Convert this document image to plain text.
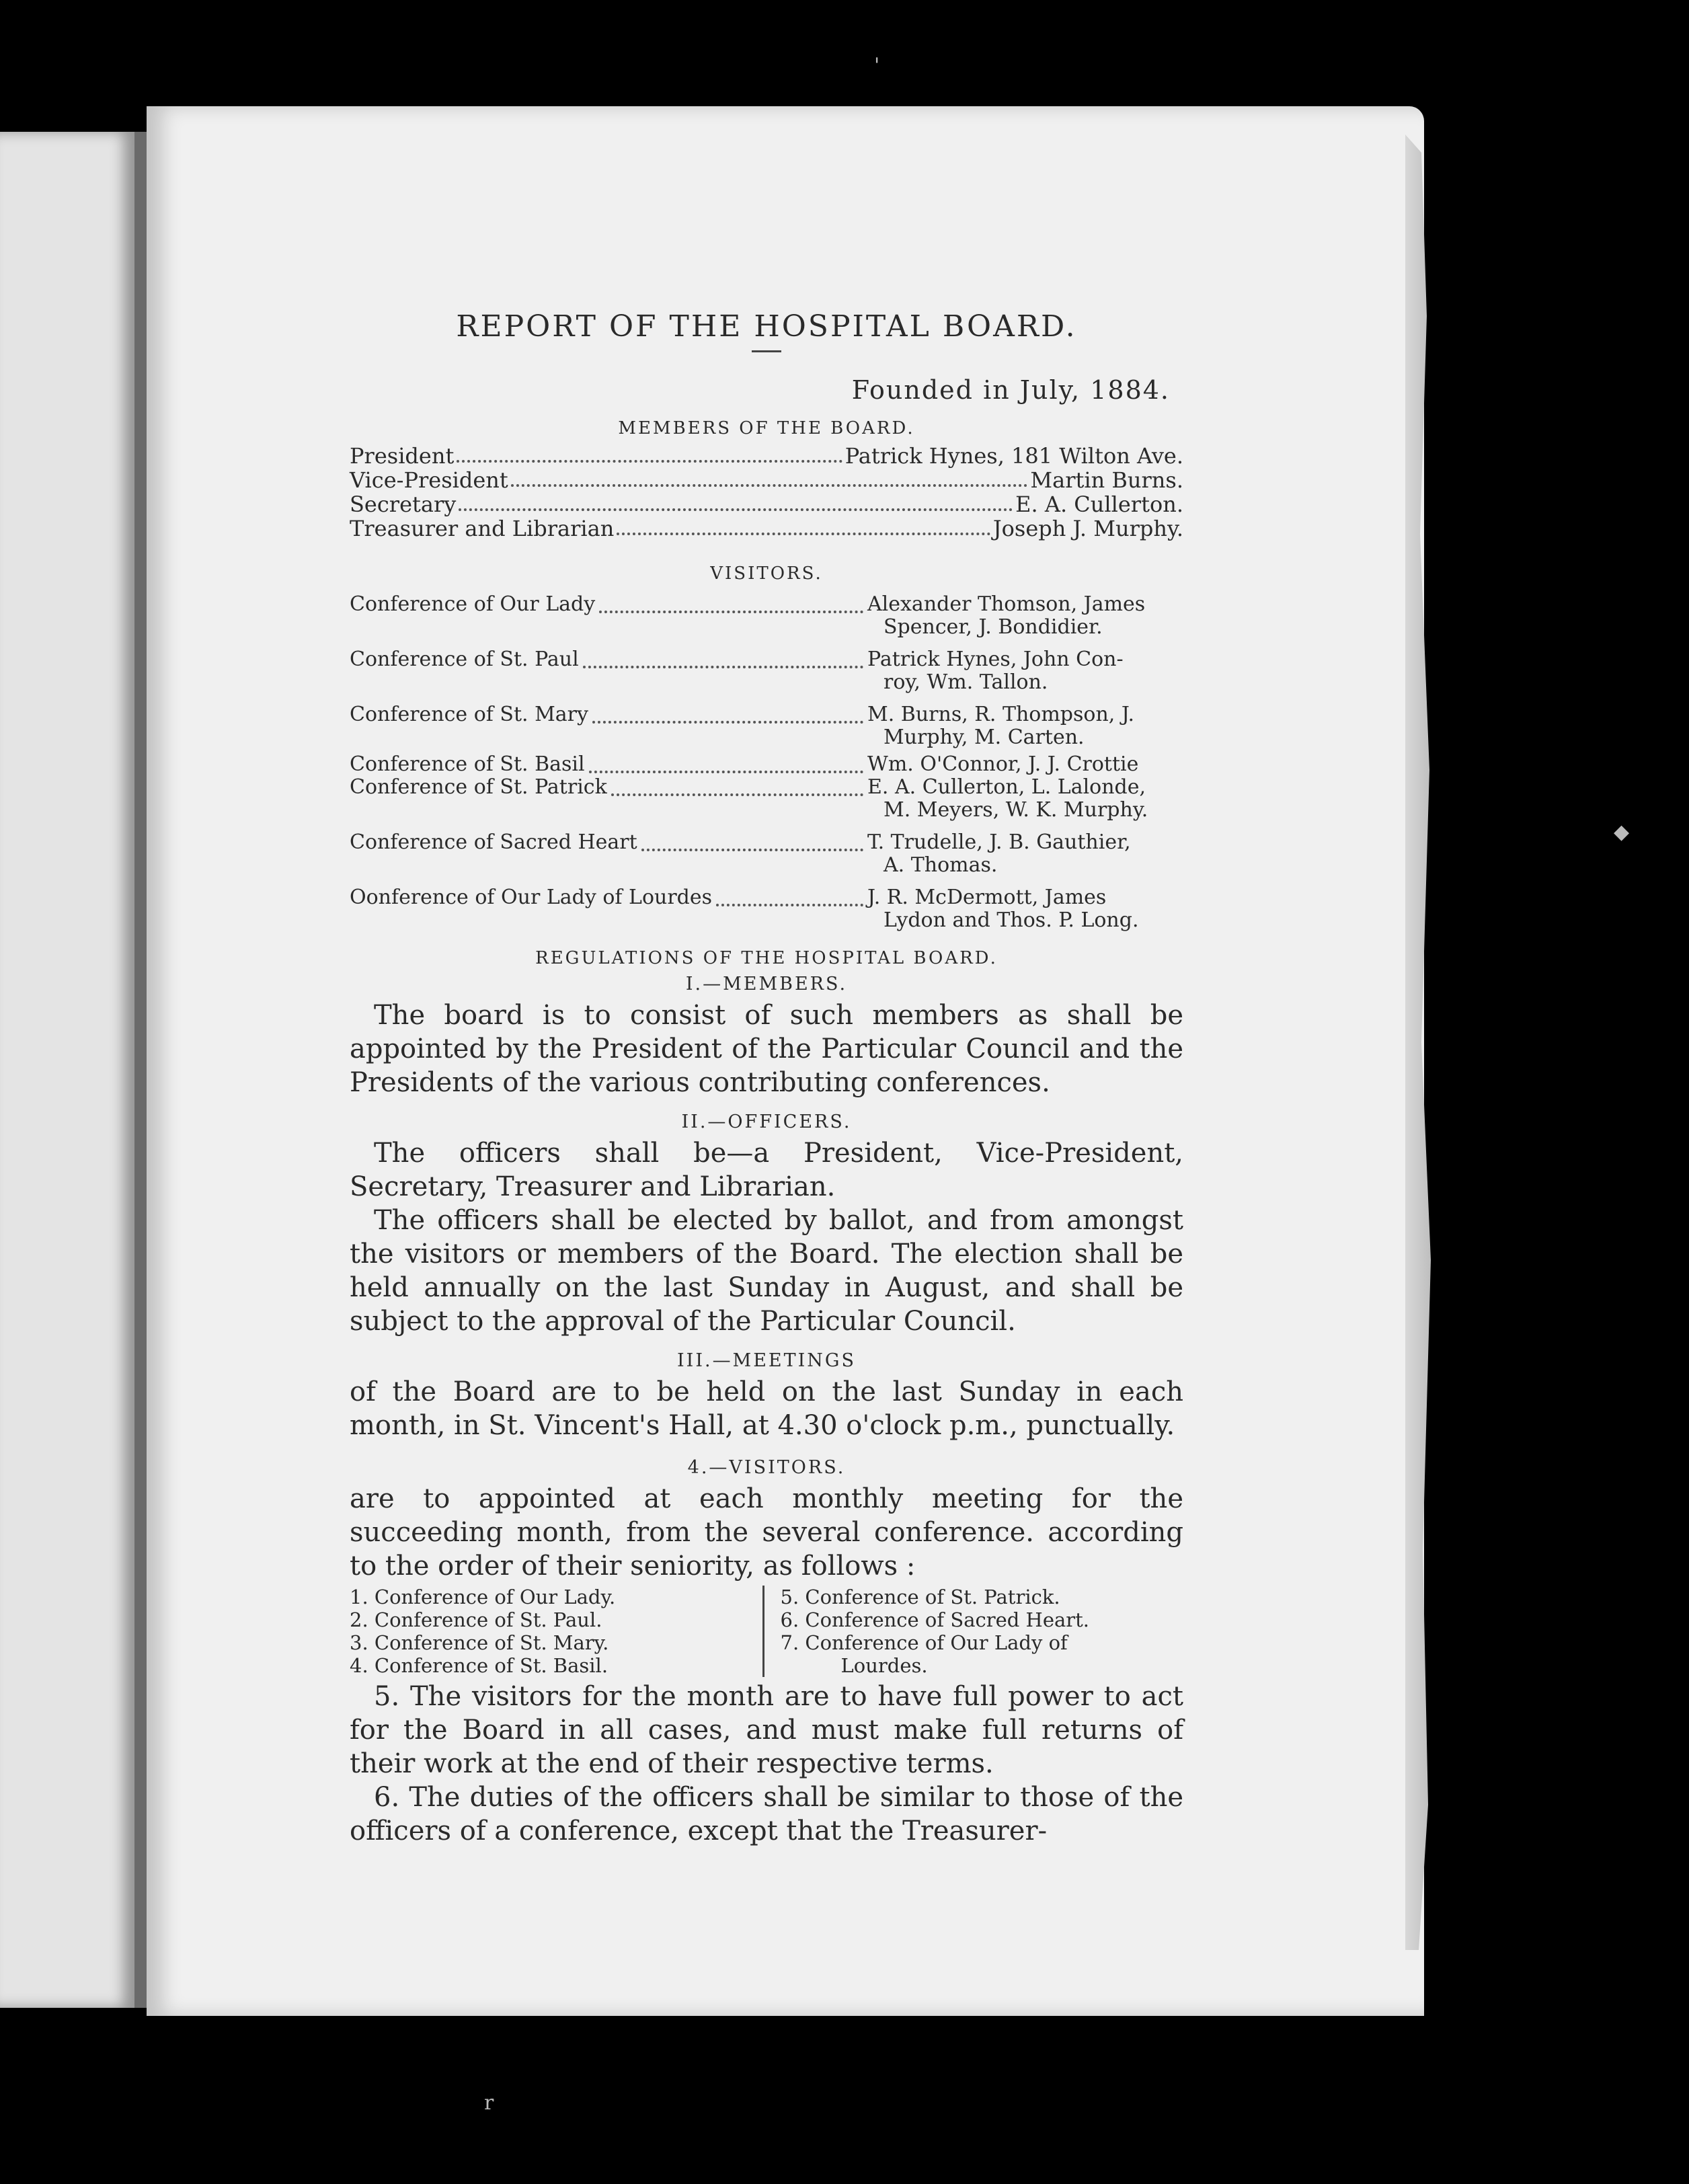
REPORT OF THE HOSPITAL BOARD.
Founded in July, 1884.
MEMBERS OF THE BOARD.
President	Patrick Hynes, 181 Wilton Ave.
Vice-President	Martin Burns.
Secretary	E. A. Cullerton.
Treasurer and Librarian	Joseph J. Murphy.
VISITORS.
Conference of Our Lady	Alexander Thomson, James
Spencer, J. Bondidier.
Conference of St. Paul	Patrick Hynes, John Con-
roy, Wm. Tallon.
Conference of St. Mary	M. Burns, R. Thompson, J.
Murphy, M. Carten.
Conference of St. Basil	Wm. O'Connor, J. J. Crottie
Conference of St. Patrick	E. A. Cullerton, L. Lalonde,
M. Meyers, W. K. Murphy.
Conference of Sacred Heart	T. Trudelle, J. B. Gauthier,
A. Thomas.
Oonference of Our Lady of Lourdes	J. R. McDermott, James
Lydon and Thos. P. Long.
REGULATIONS OF THE HOSPITAL BOARD.
I.—MEMBERS.

The board is to consist of such members as shall be appointed by the President of the Particular Council and the Presidents of the various contributing conferences.

II.—OFFICERS.

The officers shall be—a President, Vice-President, Secretary, Treasurer and Librarian.

The officers shall be elected by ballot, and from amongst the visitors or members of the Board. The election shall be held annually on the last Sunday in August, and shall be subject to the approval of the Particular Council.

III.—MEETINGS

of the Board are to be held on the last Sunday in each month, in St. Vincent's Hall, at 4.30 o'clock p.m., punctually.

4.—VISITORS.

are to appointed at each monthly meeting for the succeeding month, from the several conference. according to the order of their seniority, as follows :

1. Conference of Our Lady.
2. Conference of St. Paul.
3. Conference of St. Mary.
4. Conference of St. Basil.
5. Conference of St. Patrick.
6. Conference of Sacred Heart.
7. Conference of Our Lady of
Lourdes.

5. The visitors for the month are to have full power to act for the Board in all cases, and must make full returns of their work at the end of their respective terms.

6. The duties of the officers shall be similar to those of the officers of a conference, except that the Treasurer-

'
◆
r
